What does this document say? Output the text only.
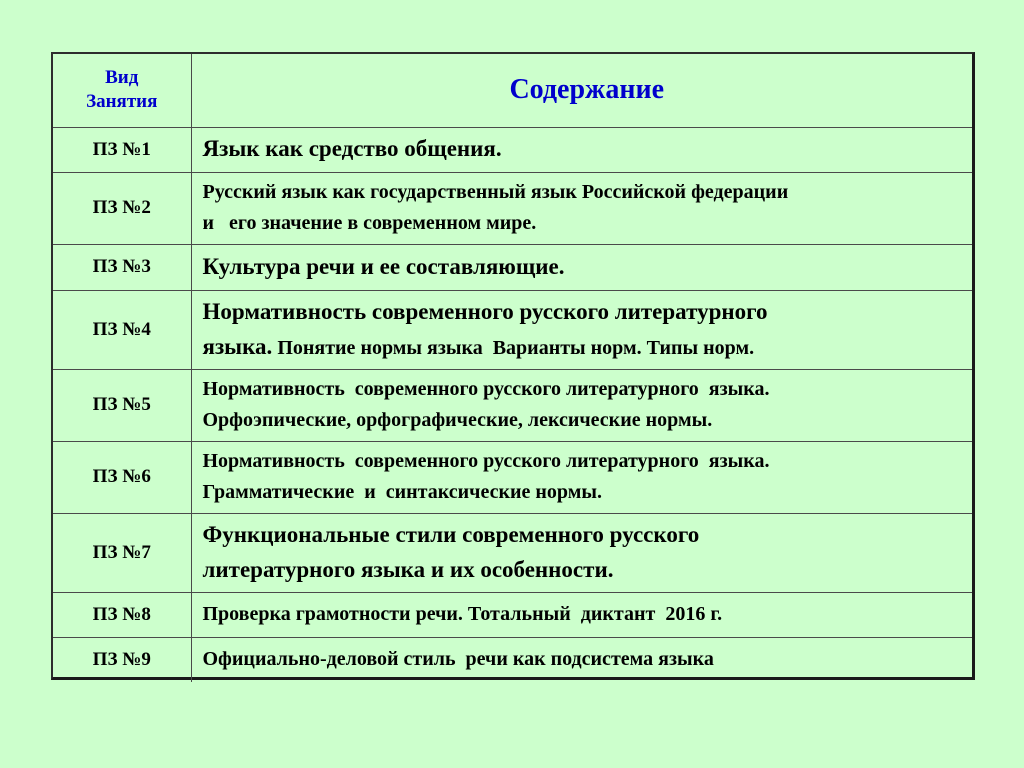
Вид
Занятия	Содержание
ПЗ №1	Язык как средство общения.
ПЗ №2	Русский язык как государственный язык Российской федерации
и   его значение в современном мире.
ПЗ №3	Культура речи и ее составляющие.
ПЗ №4	Нормативность современного русского литературного
языка. Понятие нормы языка  Варианты норм. Типы норм.
ПЗ №5	Нормативность  современного русского литературного  языка.
Орфоэпические, орфографические, лексические нормы.
ПЗ №6	Нормативность  современного русского литературного  языка.
Грамматические  и  синтаксические нормы.
ПЗ №7	Функциональные стили современного русского
литературного языка и их особенности.
ПЗ №8	Проверка грамотности речи. Тотальный  диктант  2016 г.
ПЗ №9	Официально-деловой стиль  речи как подсистема языка
